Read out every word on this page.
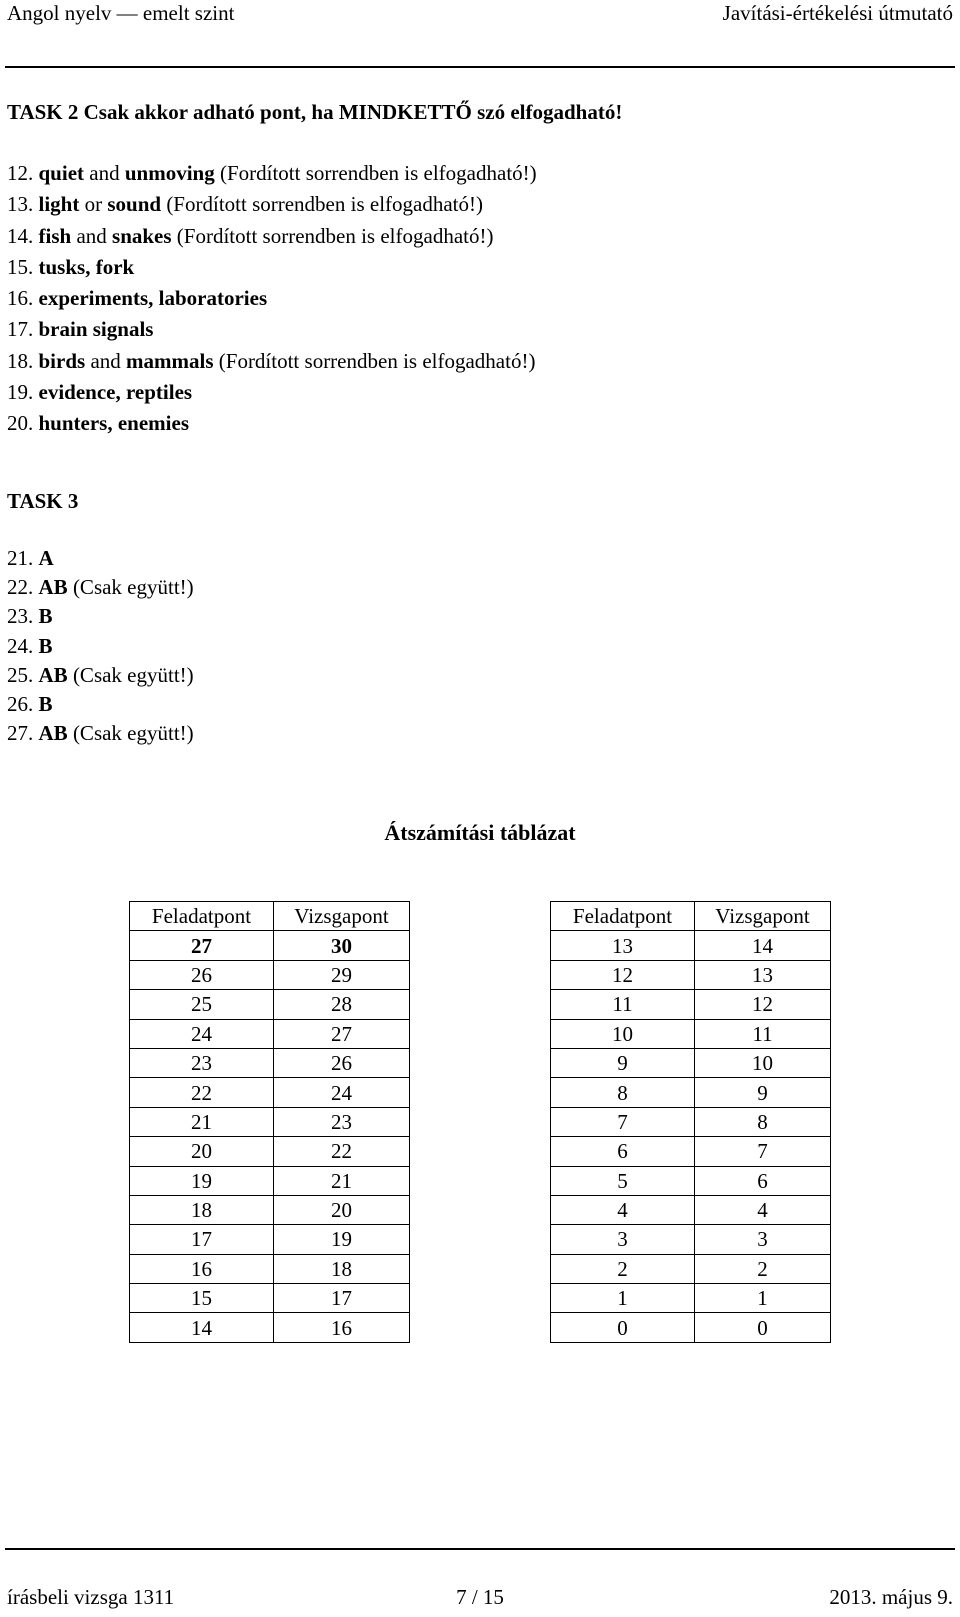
Angol nyelv — emelt szint	Javítási-értékelési útmutató
TASK 2 Csak akkor adható pont, ha MINDKETTŐ szó elfogadható!
12. quiet and unmoving (Fordított sorrendben is elfogadható!)
13. light or sound (Fordított sorrendben is elfogadható!)
14. fish and snakes (Fordított sorrendben is elfogadható!)
15. tusks, fork
16. experiments, laboratories
17. brain signals
18. birds and mammals (Fordított sorrendben is elfogadható!)
19. evidence, reptiles
20. hunters, enemies
TASK 3
21. A
22. AB (Csak együtt!)
23. B
24. B
25. AB (Csak együtt!)
26. B
27. AB (Csak együtt!)
Átszámítási táblázat
Feladatpont	Vizsgapont
27	30
26	29
25	28
24	27
23	26
22	24
21	23
20	22
19	21
18	20
17	19
16	18
15	17
14	16
Feladatpont	Vizsgapont
13	14
12	13
11	12
10	11
9	10
8	9
7	8
6	7
5	6
4	4
3	3
2	2
1	1
0	0
írásbeli vizsga 1311	7 / 15	2013. május 9.
